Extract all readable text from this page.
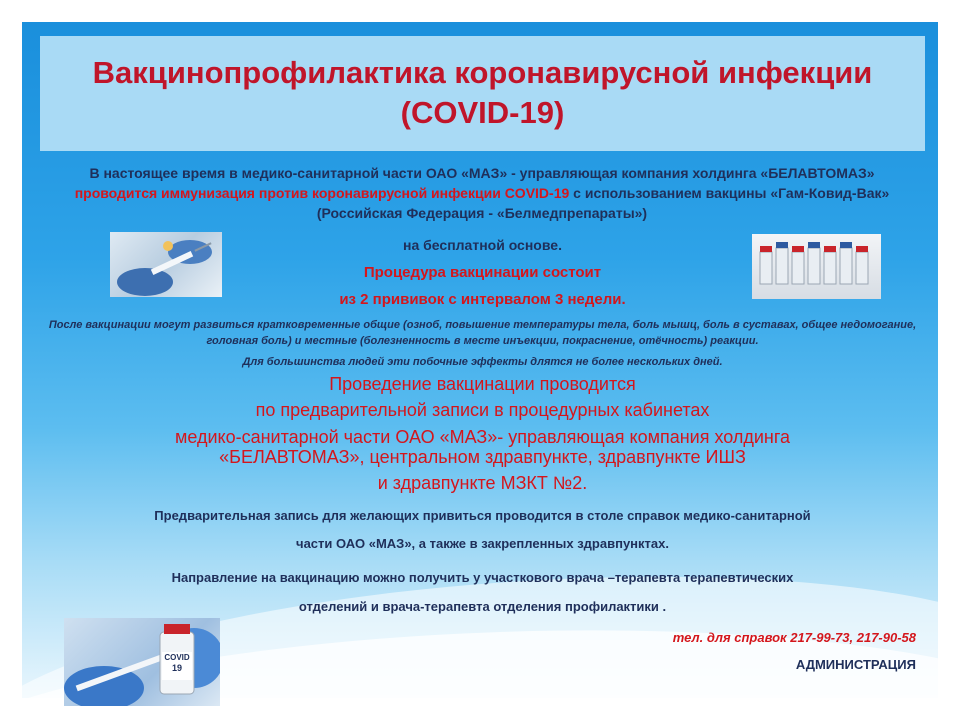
Вакцинопрофилактика коронавирусной инфекции
(COVID-19)

В настоящее время в медико-санитарной части ОАО «МАЗ» - управляющая компания холдинга «БЕЛАВТОМАЗ» проводится иммунизация против коронавирусной инфекции COVID-19 с использованием вакцины «Гам-Ковид-Вак» (Российская Федерация - «Белмедпрепараты»)

на бесплатной основе.

Процедура вакцинации состоит

из 2 прививок с интервалом 3 недели.

После вакцинации могут развиться кратковременные общие (озноб, повышение температуры тела, боль мышц, боль в суставах, общее недомогание, головная боль) и местные (болезненность в месте инъекции, покраснение, отёчность) реакции.

Для большинства людей эти побочные эффекты длятся не более нескольких дней.

Проведение вакцинации проводится

по предварительной записи в процедурных кабинетах

медико-санитарной части ОАО «МАЗ»- управляющая компания холдинга

«БЕЛАВТОМАЗ», центральном здравпункте, здравпункте ИШЗ

и здравпункте МЗКТ №2.

Предварительная запись для желающих привиться проводится в столе справок медико-санитарной

части ОАО «МАЗ», а также в закрепленных здравпунктах.

Направление на вакцинацию можно получить у участкового врача –терапевта терапевтических

отделений и врача-терапевта отделения профилактики .

COVID
19

тел. для справок 217-99-73, 217-90-58

АДМИНИСТРАЦИЯ
